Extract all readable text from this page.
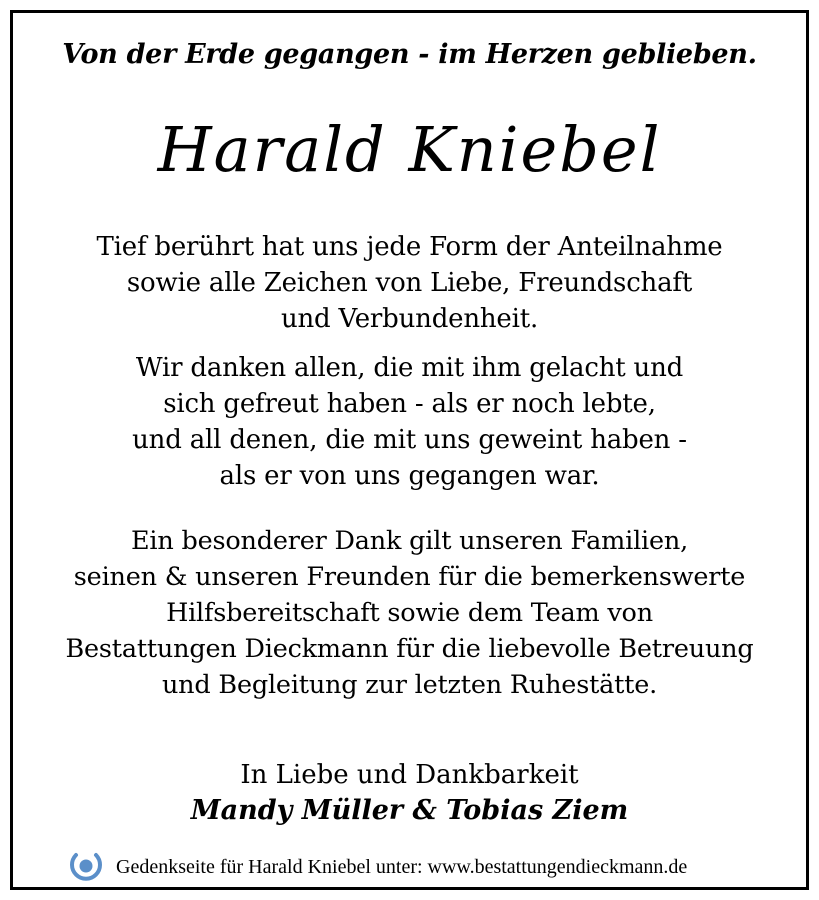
Von der Erde gegangen - im Herzen geblieben.
Harald Kniebel
Tief berührt hat uns jede Form der Anteilnahme
sowie alle Zeichen von Liebe, Freundschaft
und Verbundenheit.
Wir danken allen, die mit ihm gelacht und
sich gefreut haben - als er noch lebte,
und all denen, die mit uns geweint haben -
als er von uns gegangen war.
Ein besonderer Dank gilt unseren Familien,
seinen & unseren Freunden für die bemerkenswerte
Hilfsbereitschaft sowie dem Team von
Bestattungen Dieckmann für die liebevolle Betreuung
und Begleitung zur letzten Ruhestätte.
In Liebe und Dankbarkeit
Mandy Müller & Tobias Ziem
Gedenkseite für Harald Kniebel unter: www.bestattungendieckmann.de
